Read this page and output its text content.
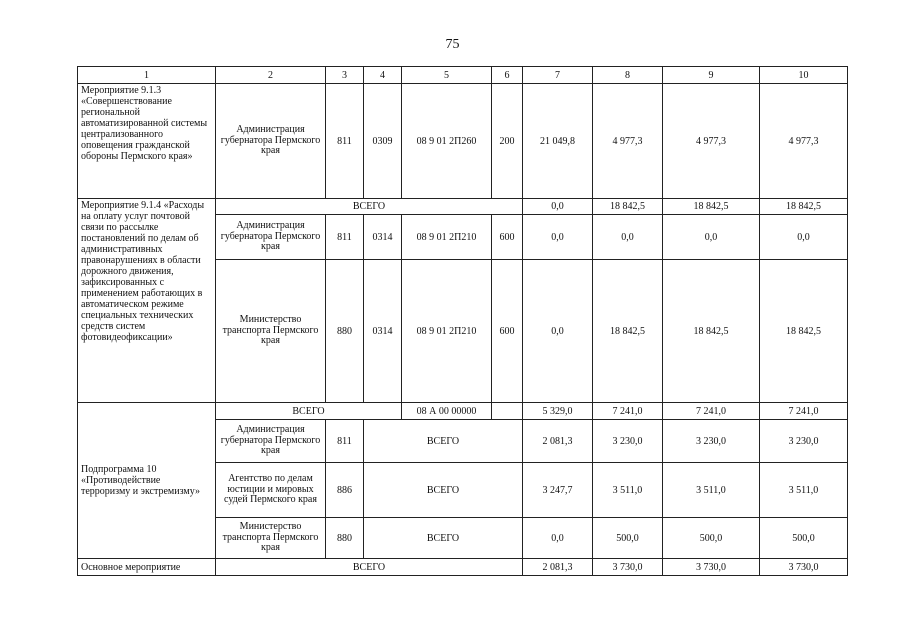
75
1	2	3	4	5	6	7	8	9	10
Мероприятие 9.1.3 «Совершенствование региональной автоматизированной системы централизованного оповещения гражданской обороны Пермского края»	Администрация губернатора Пермского края	811	0309	08 9 01 2П260	200	21 049,8	4 977,3	4 977,3	4 977,3
Мероприятие 9.1.4 «Расходы на оплату услуг почтовой связи по рассылке постановлений по делам об административных правонарушениях в области дорожного движения, зафиксированных с применением работающих в автоматическом режиме специальных технических средств систем фотовидеофиксации»	ВСЕГО					0,0	18 842,5	18 842,5	18 842,5
	Администрация губернатора Пермского края	811	0314	08 9 01 2П210	600	0,0	0,0	0,0	0,0
	Министерство транспорта Пермского края	880	0314	08 9 01 2П210	600	0,0	18 842,5	18 842,5	18 842,5
Подпрограмма 10 «Противодействие терроризму и экстремизму»	ВСЕГО			08 А 00 00000		5 329,0	7 241,0	7 241,0	7 241,0
	Администрация губернатора Пермского края	811	ВСЕГО			2 081,3	3 230,0	3 230,0	3 230,0
	Агентство по делам юстиции и мировых судей Пермского края	886	ВСЕГО			3 247,7	3 511,0	3 511,0	3 511,0
	Министерство транспорта Пермского края	880	ВСЕГО			0,0	500,0	500,0	500,0
Основное мероприятие	ВСЕГО					2 081,3	3 730,0	3 730,0	3 730,0
